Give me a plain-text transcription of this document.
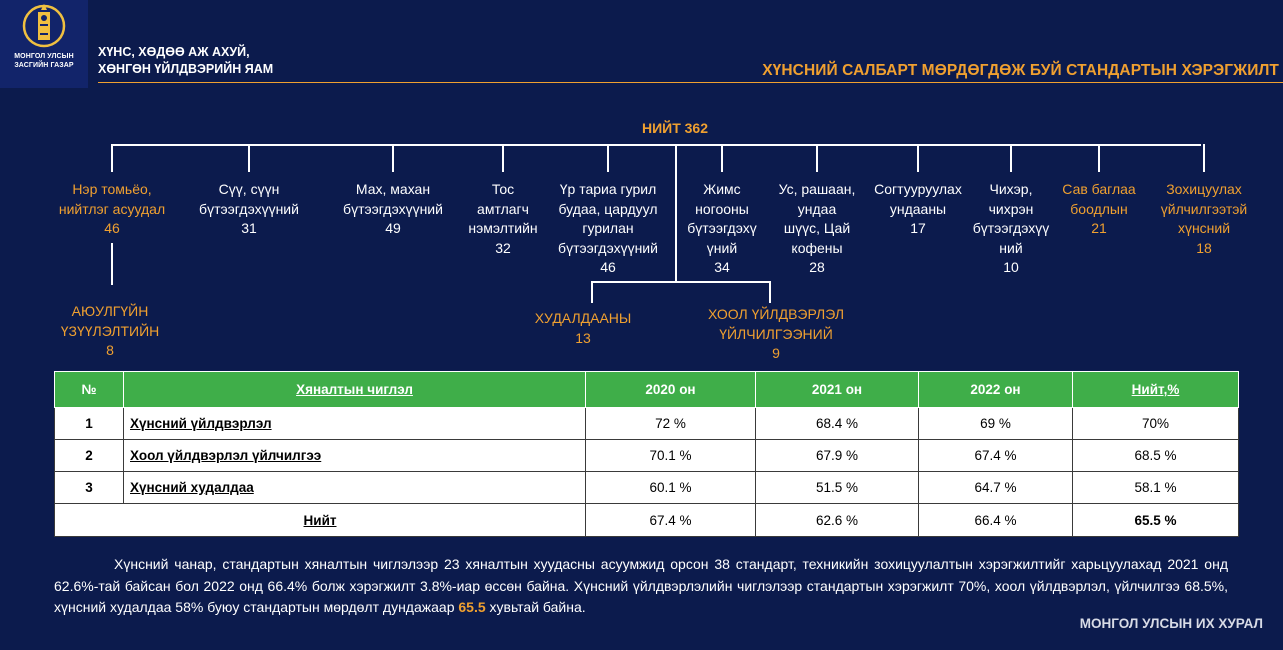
МОНГОЛ УЛСЫН ЗАСГИЙН ГАЗАР
ХҮНС, ХӨДӨӨ АЖ АХУЙ,
ХӨНГӨН ҮЙЛДВЭРИЙН ЯАМ	ХҮНСНИЙ САЛБАРТ МӨРДӨГДӨЖ БУЙ СТАНДАРТЫН ХЭРЭГЖИЛТ
НИЙТ 362
Нэр томьёо,
нийтлэг асуудал
46
Сүү, сүүн
бүтээгдэхүүний
31
Мах, махан
бүтээгдэхүүний
49
Тос
амтлагч
нэмэлтийн
32
Үр тариа гурил
будаа, цардуул
гурилан
бүтээгдэхүүний
46
Жимс
ногооны
бүтээгдэхү
үний
34
Ус, рашаан,
ундаа
шүүс, Цай
кофены
28
Согтууруулах
ундааны
17
Чихэр,
чихрэн
бүтээгдэхүү
ний
10
Сав баглаа
боодлын
21
Зохицуулах
үйлчилгээтэй
хүнсний
18
АЮУЛГҮЙН
ҮЗҮҮЛЭЛТИЙН
8
ХУДАЛДААНЫ
13
ХООЛ ҮЙЛДВЭРЛЭЛ
ҮЙЛЧИЛГЭЭНИЙ
9
№	Хяналтын чиглэл	2020 он	2021 он	2022 он	Нийт,%
1	Хүнсний үйлдвэрлэл	72 %	68.4 %	69 %	70%
2	Хоол үйлдвэрлэл үйлчилгээ	70.1 %	67.9 %	67.4 %	68.5 %
3	Хүнсний худалдаа	60.1 %	51.5 %	64.7 %	58.1 %
Нийт		67.4 %	62.6 %	66.4 %	65.5 %
Хүнсний чанар, стандартын хяналтын чиглэлээр 23 хяналтын хуудасны асуумжид орсон 38 стандарт, техникийн зохицуулалтын хэрэгжилтийг харьцуулахад 2021 онд 62.6%-тай байсан бол 2022 онд 66.4% болж хэрэгжилт 3.8%-иар өссөн байна. Хүнсний үйлдвэрлэлийн чиглэлээр стандартын хэрэгжилт 70%, хоол үйлдвэрлэл, үйлчилгээ 68.5%, хүнсний худалдаа 58% буюу стандартын мөрдөлт дундажаар 65.5 хувьтай байна.
МОНГОЛ УЛСЫН ИХ ХУРАЛ
